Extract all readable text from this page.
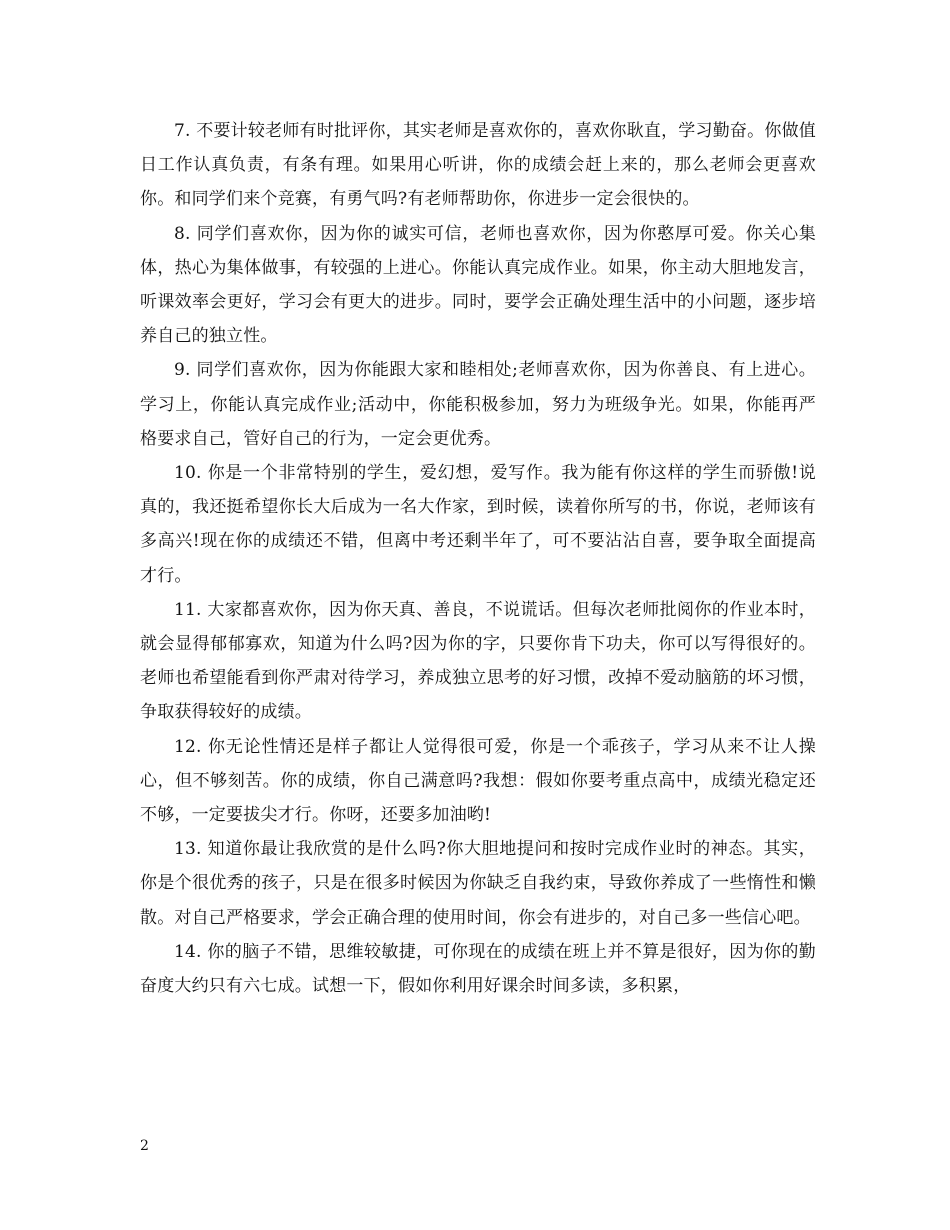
7. 不要计较老师有时批评你，其实老师是喜欢你的，喜欢你耿直，学习勤奋。你做值日工作认真负责，有条有理。如果用心听讲，你的成绩会赶上来的，那么老师会更喜欢你。和同学们来个竞赛，有勇气吗?有老师帮助你，你进步一定会很快的。

8. 同学们喜欢你，因为你的诚实可信，老师也喜欢你，因为你憨厚可爱。你关心集体，热心为集体做事，有较强的上进心。你能认真完成作业。如果，你主动大胆地发言，听课效率会更好，学习会有更大的进步。同时，要学会正确处理生活中的小问题，逐步培养自己的独立性。

9. 同学们喜欢你，因为你能跟大家和睦相处;老师喜欢你，因为你善良、有上进心。学习上，你能认真完成作业;活动中，你能积极参加，努力为班级争光。如果，你能再严格要求自己，管好自己的行为，一定会更优秀。

10. 你是一个非常特别的学生，爱幻想，爱写作。我为能有你这样的学生而骄傲!说真的，我还挺希望你长大后成为一名大作家，到时候，读着你所写的书，你说，老师该有多高兴!现在你的成绩还不错，但离中考还剩半年了，可不要沾沾自喜，要争取全面提高才行。

11. 大家都喜欢你，因为你天真、善良，不说谎话。但每次老师批阅你的作业本时，就会显得郁郁寡欢，知道为什么吗?因为你的字，只要你肯下功夫，你可以写得很好的。老师也希望能看到你严肃对待学习，养成独立思考的好习惯，改掉不爱动脑筋的坏习惯，争取获得较好的成绩。

12. 你无论性情还是样子都让人觉得很可爱，你是一个乖孩子，学习从来不让人操心，但不够刻苦。你的成绩，你自己满意吗?我想：假如你要考重点高中，成绩光稳定还不够，一定要拔尖才行。你呀，还要多加油哟!

13. 知道你最让我欣赏的是什么吗?你大胆地提问和按时完成作业时的神态。其实，你是个很优秀的孩子，只是在很多时候因为你缺乏自我约束，导致你养成了一些惰性和懒散。对自己严格要求，学会正确合理的使用时间，你会有进步的，对自己多一些信心吧。

14. 你的脑子不错，思维较敏捷，可你现在的成绩在班上并不算是很好，因为你的勤奋度大约只有六七成。试想一下，假如你利用好课余时间多读，多积累，

2
